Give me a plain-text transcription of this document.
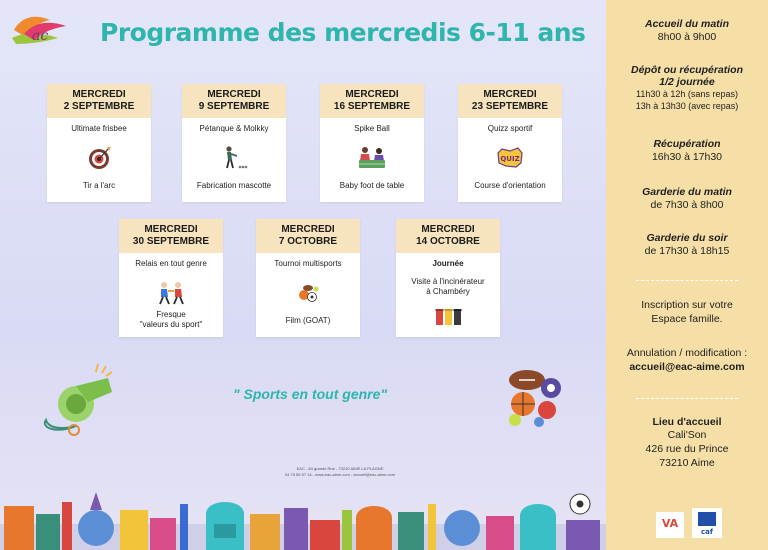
ac Programme des mercredis 6-11 ans
MERCREDI
2 SEPTEMBRE
Ultimate frisbee
Tir a l'arc
MERCREDI
9 SEPTEMBRE
Pétanque & Molkky
Fabrication mascotte
MERCREDI
16 SEPTEMBRE
Spike Ball
Baby foot de table
MERCREDI
23 SEPTEMBRE
Quizz sportif
QUIZ
Course d'orientation
MERCREDI
30 SEPTEMBRE
Relais en tout genre
Fresque
"valeurs du sport"
MERCREDI
7 OCTOBRE
Tournoi multisports
Film (GOAT)
MERCREDI
14 OCTOBRE
Journée
Visite à l'incinérateur
à Chambéry
" Sports en tout genre"
EAC - 84 grande Rue - 73210 AIME LA PLAGNE
04 79 55 57 14 - www.eac-aime.com - accueil@eac-aime.com
Accueil du matin
8h00 à 9h00
Dépôt ou récupération
1/2 journée
11h30 à 12h (sans repas)
13h à 13h30 (avec repas)
Récupération
16h30 à 17h30
Garderie du matin
de 7h30 à 8h00
Garderie du soir
de 17h30 à 18h15
Inscription sur votre
Espace famille.
Annulation / modification :
accueil@eac-aime.com
Lieu d'accueil
Cali'Son
426 rue du Prince
73210 Aime
VA
caf
